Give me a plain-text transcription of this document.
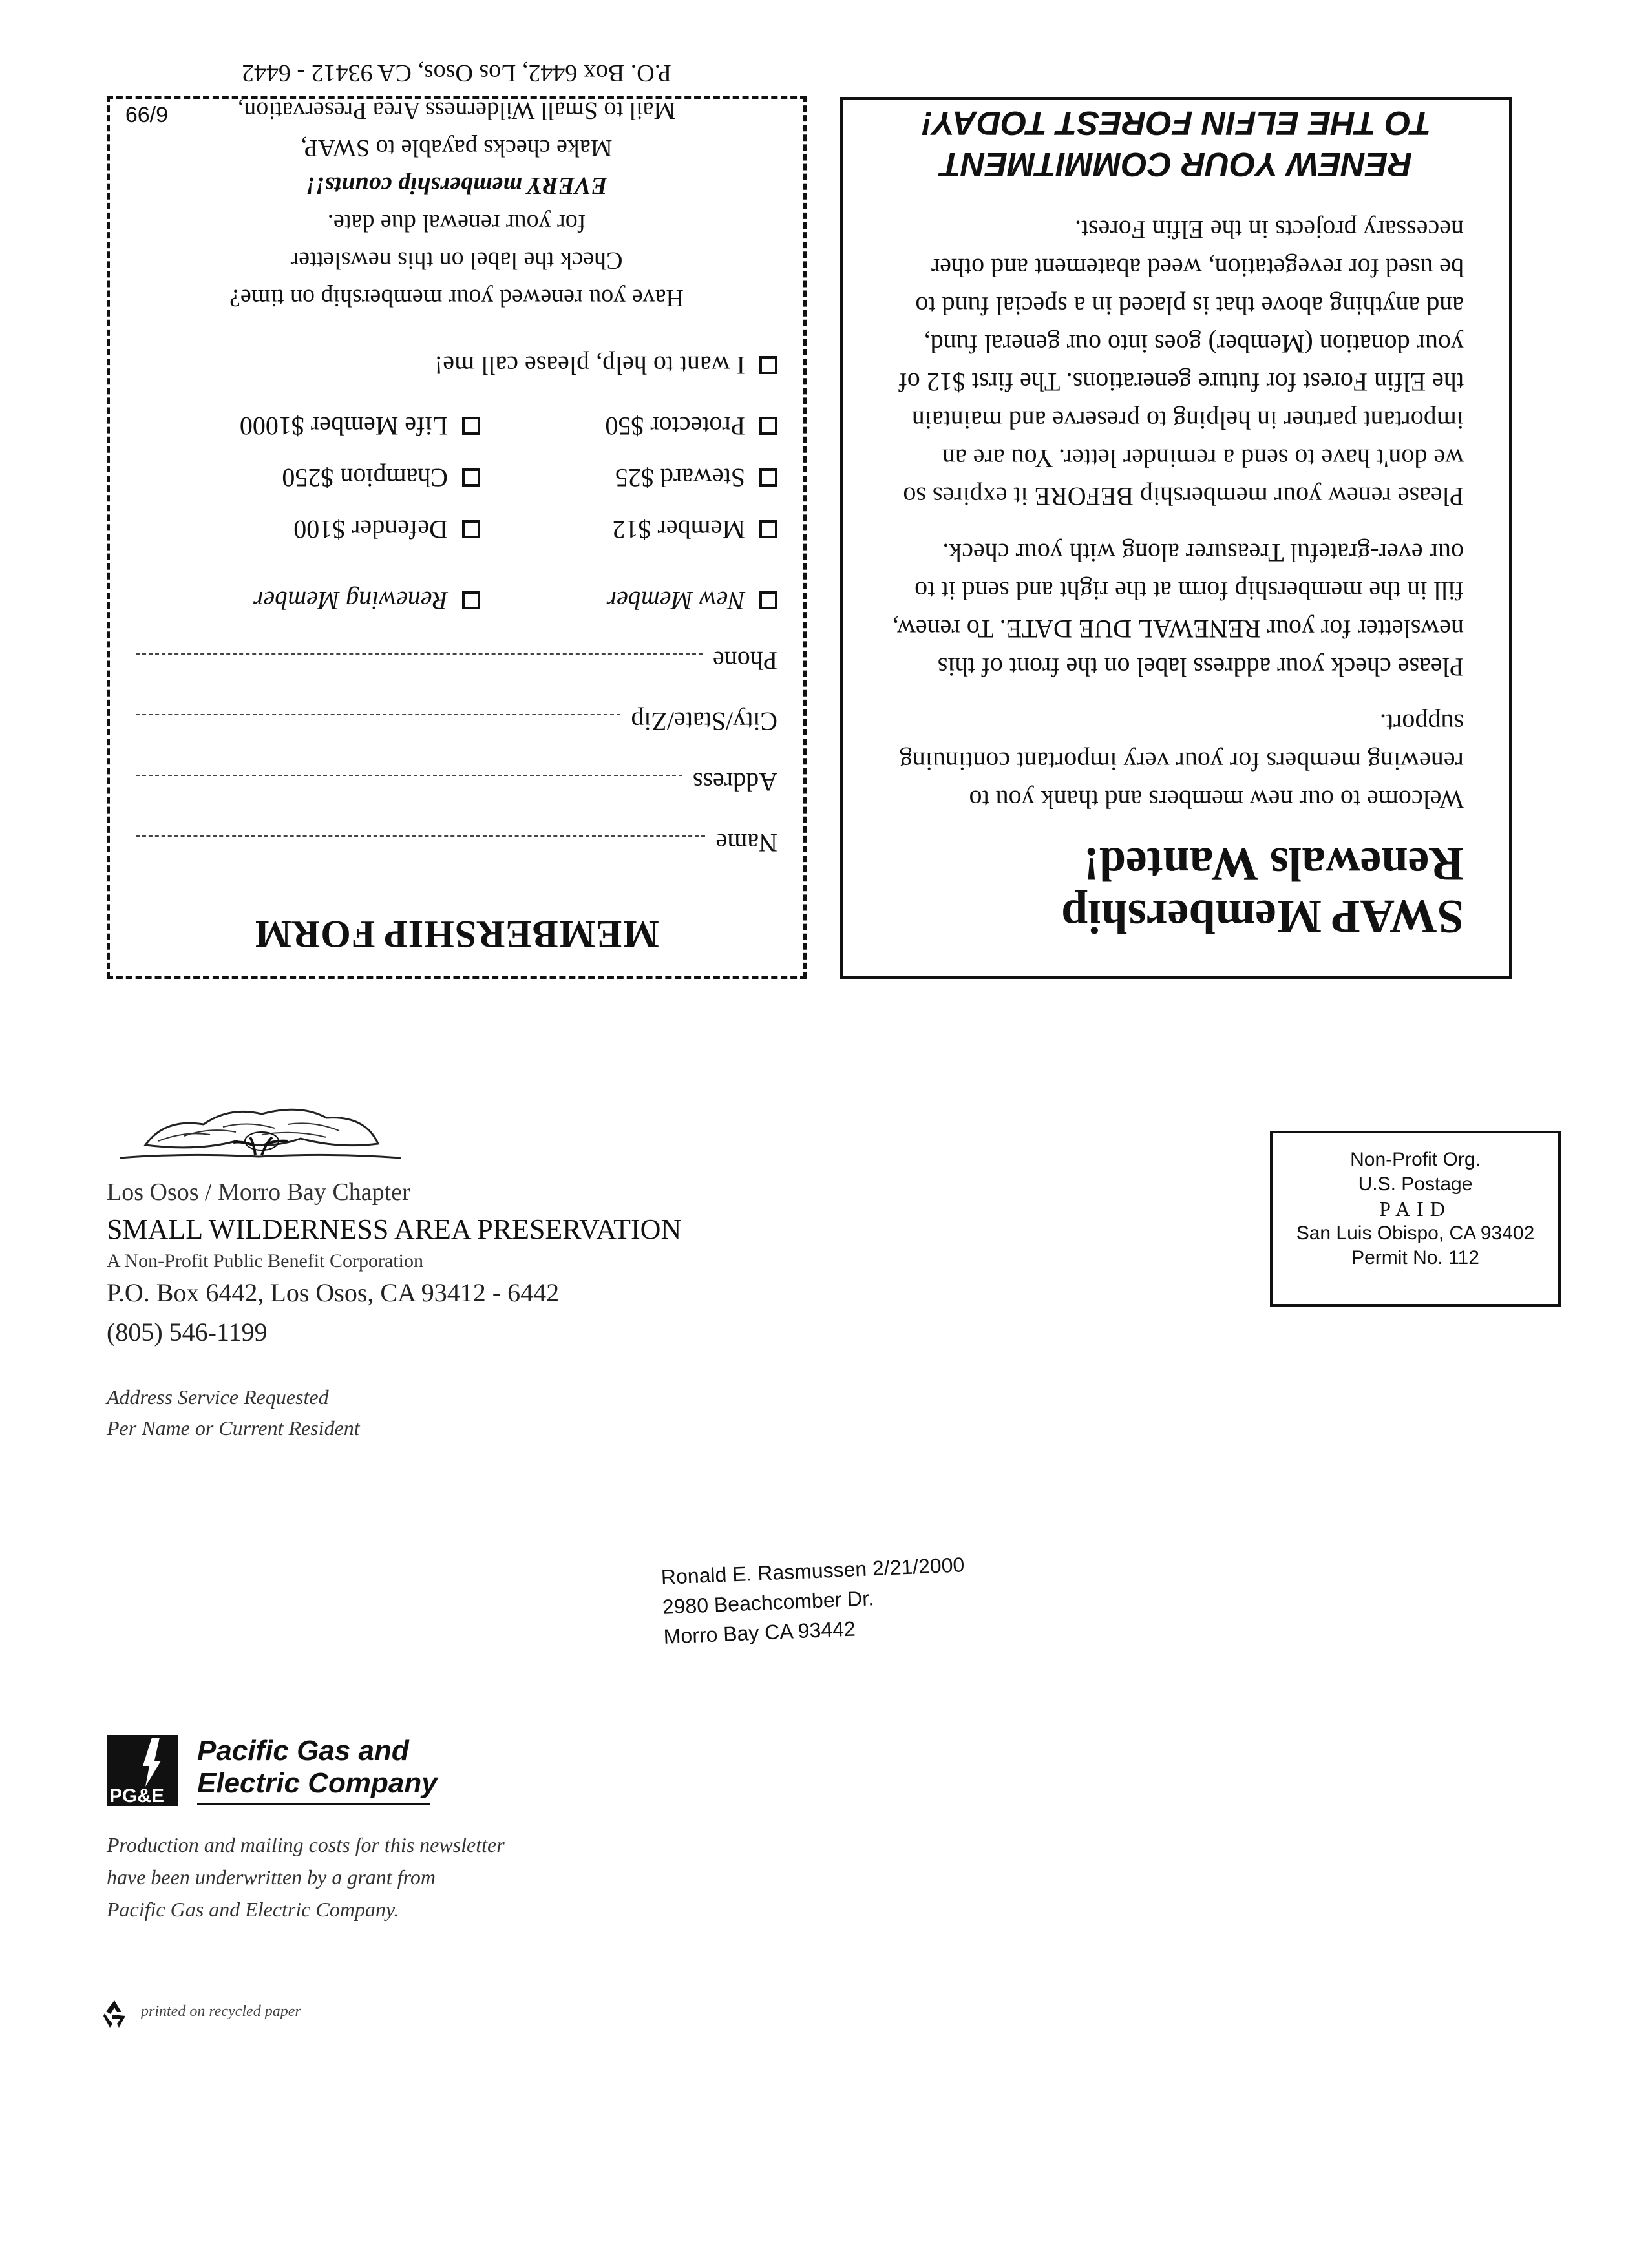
SWAP Membership
Renewals Wanted!

Welcome to our new members and thank you to renewing members for your very important continuing support.

Please check your address label on the front of this newsletter for your RENEWAL DUE DATE. To renew, fill in the membership form at the right and send it to our ever-grateful Treasurer along with your check.

Please renew your membership BEFORE it expires so we don't have to send a reminder letter. You are an important partner in helping to preserve and maintain the Elfin Forest for future generations. The first $12 of your donation (Member) goes into our general fund, and anything above that is placed in a special fund to be used for revegetation, weed abatement and other necessary projects in the Elfin Forest.

RENEW YOUR COMMITMENT
TO THE ELFIN FOREST TODAY!
MEMBERSHIP FORM
Name
Address
City/State/Zip
Phone
New Member
Renewing Member
Member $12
Defender $100
Steward $25
Champion $250
Protector $50
Life Member $1000
I want to help, please call me!
Have you renewed your membership on time?
Check the label on this newsletter
for your renewal due date.
EVERY membership counts!!
Make checks payable to SWAP,
Mail to Small Wilderness Area Preservation,
P.O. Box 6442, Los Osos, CA 93412 - 6442
66/9
Los Osos / Morro Bay Chapter
SMALL WILDERNESS AREA PRESERVATION
A Non-Profit Public Benefit Corporation
P.O. Box 6442, Los Osos, CA 93412 - 6442
(805) 546-1199
Address Service Requested
Per Name or Current Resident
Non-Profit Org.
U.S. Postage
PAID
San Luis Obispo, CA 93402
Permit No. 112
Ronald E. Rasmussen 2/21/2000
2980 Beachcomber Dr.
Morro Bay CA 93442
PG&E
Pacific Gas and
Electric Company
Production and mailing costs for this newsletter
have been underwritten by a grant from
Pacific Gas and Electric Company.
printed on recycled paper
